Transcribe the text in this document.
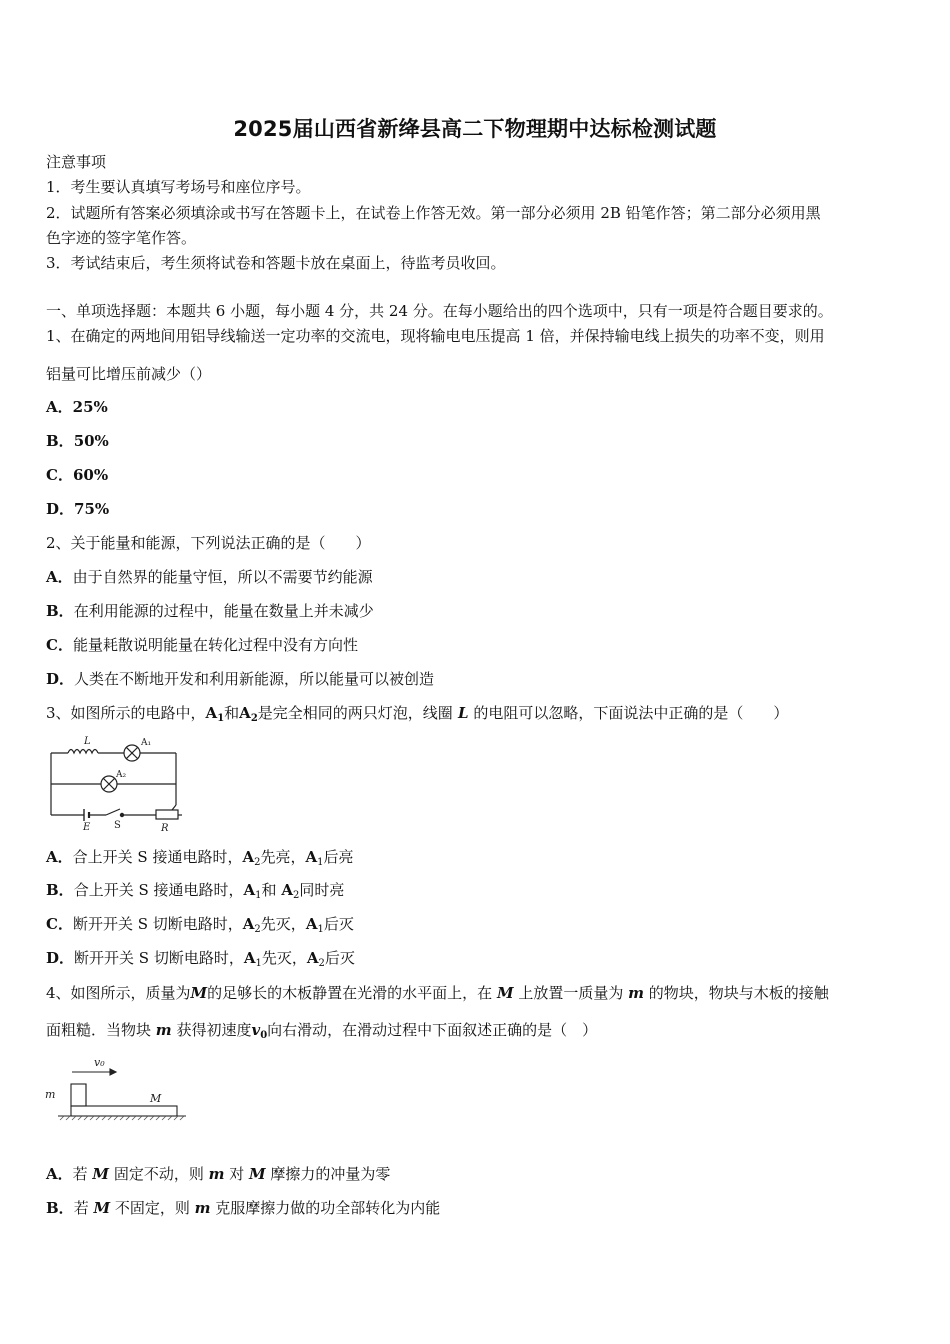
2025届山西省新绛县高二下物理期中达标检测试题
注意事项
1．考生要认真填写考场号和座位序号。
2．试题所有答案必须填涂或书写在答题卡上，在试卷上作答无效。第一部分必须用 2B 铅笔作答；第二部分必须用黑
色字迹的签字笔作答。
3．考试结束后，考生须将试卷和答题卡放在桌面上，待监考员收回。
一、单项选择题：本题共 6 小题，每小题 4 分，共 24 分。在每小题给出的四个选项中，只有一项是符合题目要求的。
1、在确定的两地间用铝导线输送一定功率的交流电，现将输电电压提高 1 倍，并保持输电线上损失的功率不变，则用
铝量可比增压前减少（）
A．25%
B．50%
C．60%
D．75%
2、关于能量和能源，下列说法正确的是（　　）
A．由于自然界的能量守恒，所以不需要节约能源
B．在利用能源的过程中，能量在数量上并未减少
C．能量耗散说明能量在转化过程中没有方向性
D．人类在不断地开发和利用新能源，所以能量可以被创造
3、如图所示的电路中，$A_1$和$A_2$是完全相同的两只灯泡，线圈 L 的电阻可以忽略，下面说法中正确的是（　　）
L	A₁
A₂
E S	R
A．合上开关 S 接通电路时，$A_2$先亮，$A_1$后亮
B．合上开关 S 接通电路时，$A_1$和 $A_2$同时亮
C．断开开关 S 切断电路时，$A_2$先灭，$A_1$后灭
D．断开开关 S 切断电路时，$A_1$先灭，$A_2$后灭
4、如图所示，质量为M的足够长的木板静置在光滑的水平面上，在 M 上放置一质量为 m 的物块，物块与木板的接触
面粗糙．当物块 m 获得初速度$v_0$向右滑动，在滑动过程中下面叙述正确的是（　）
v₀
m	M
A．若 M 固定不动，则 m 对 M 摩擦力的冲量为零
B．若 M 不固定，则 m 克服摩擦力做的功全部转化为内能
